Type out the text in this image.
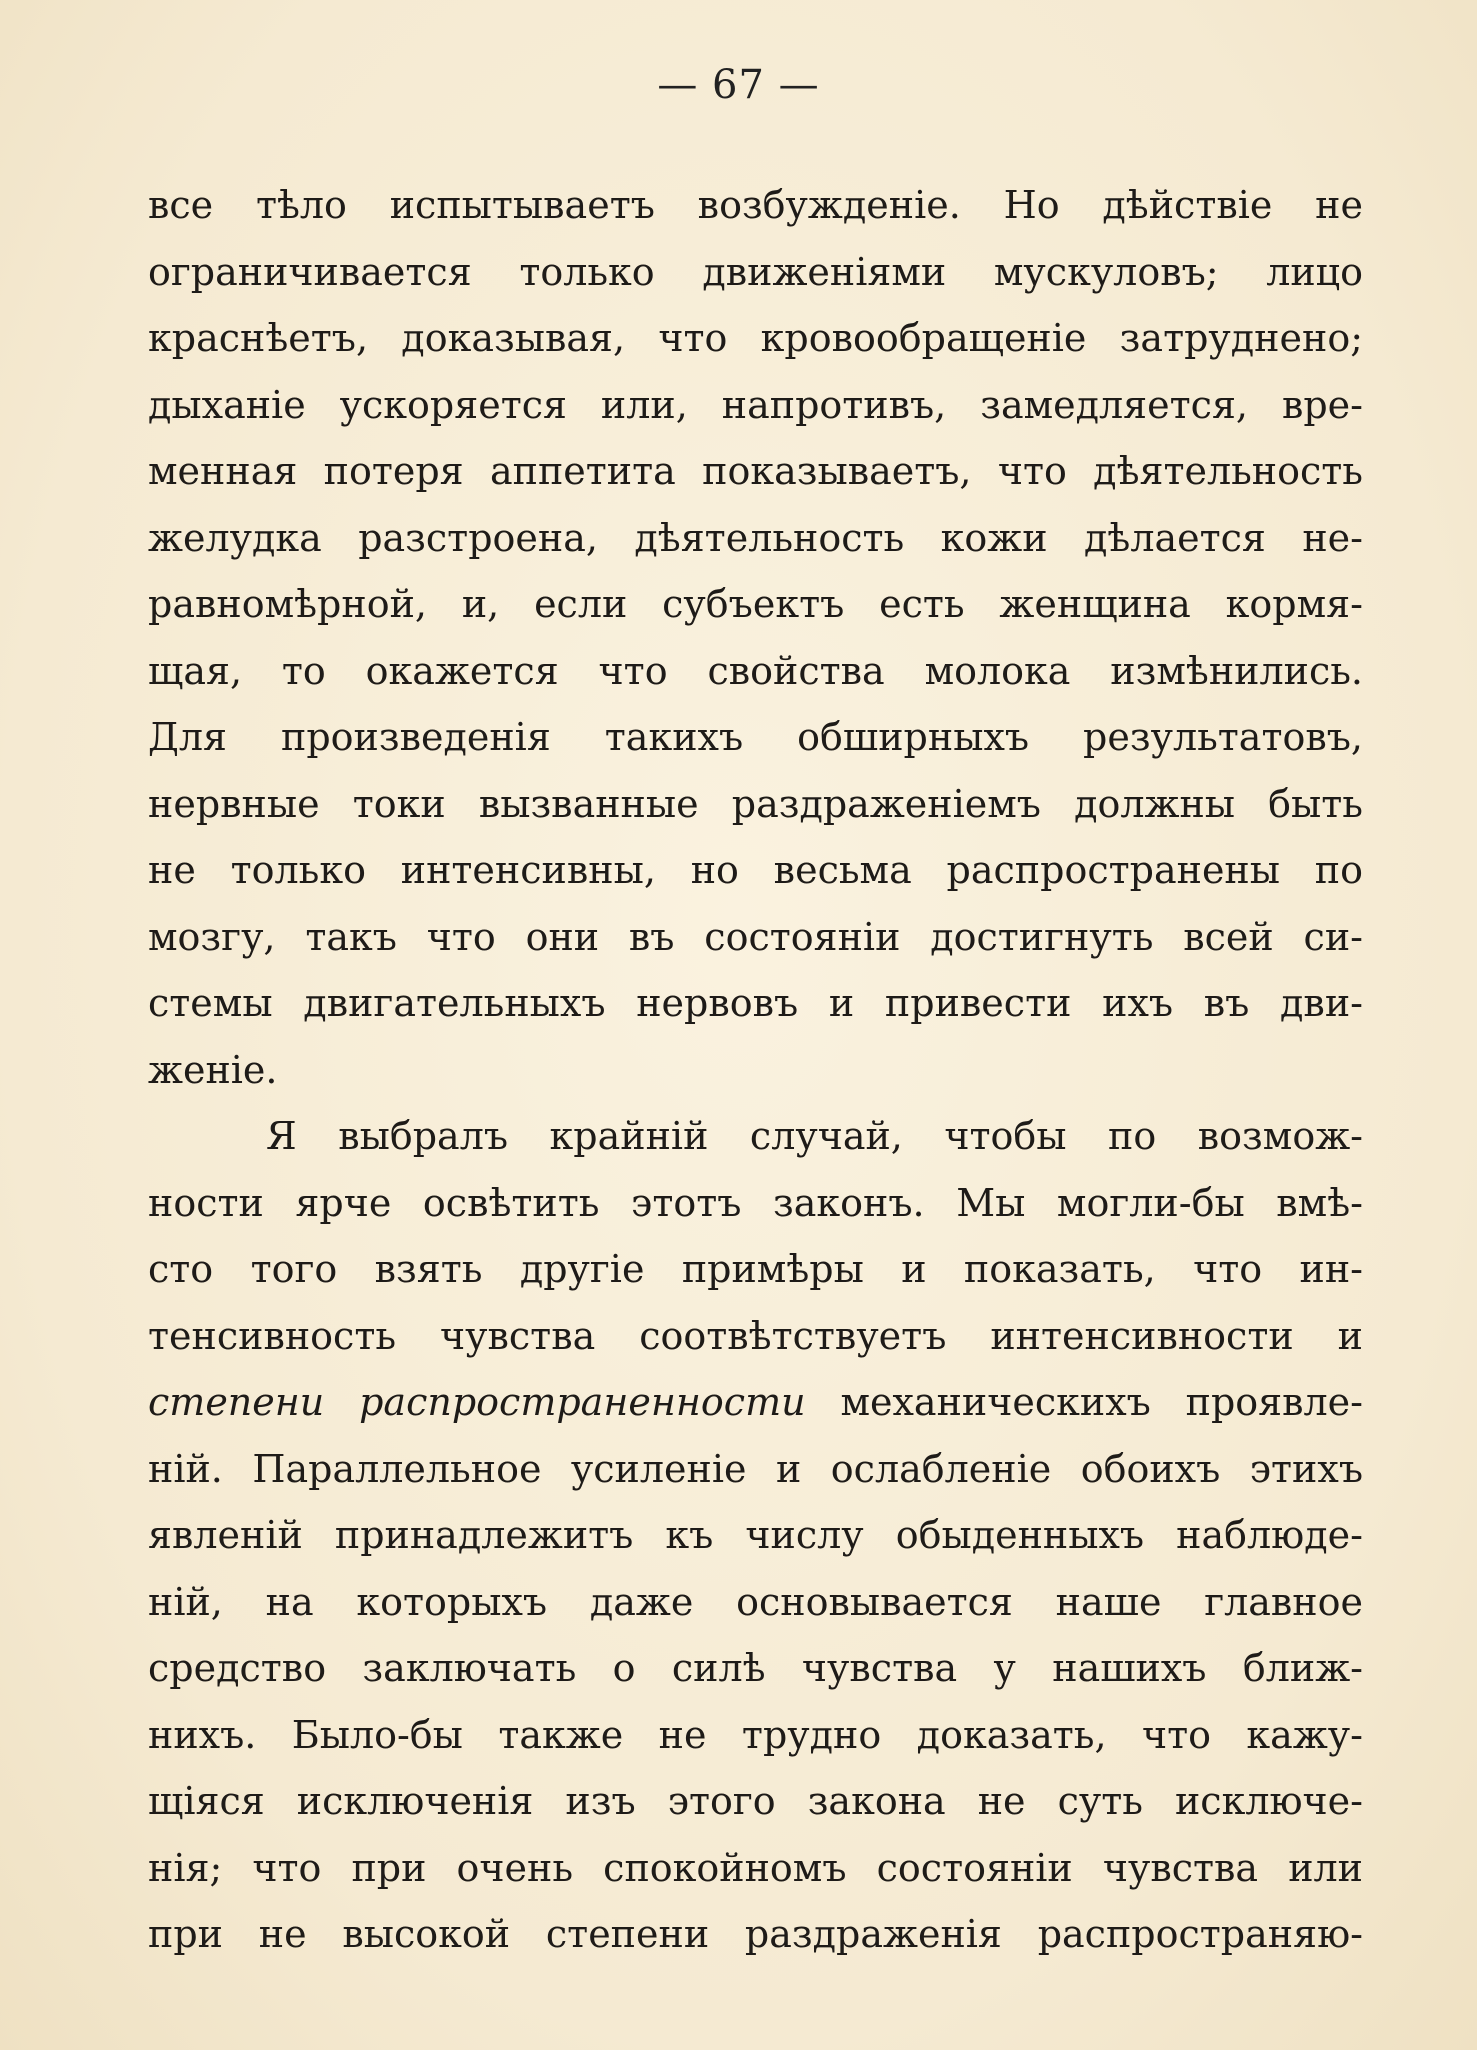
— 67 —
все тѣло испытываетъ возбужденіе. Но дѣйствіе не
ограничивается только движеніями мускуловъ; лицо
краснѣетъ, доказывая, что кровообращеніе затруднено;
дыханіе ускоряется или, напротивъ, замедляется, вре-
менная потеря аппетита показываетъ, что дѣятельность
желудка разстроена, дѣятельность кожи дѣлается не-
равномѣрной, и, если субъектъ есть женщина кормя-
щая, то окажется что свойства молока измѣнились.
Для произведенія такихъ обширныхъ результатовъ,
нервные токи вызванные раздраженіемъ должны быть
не только интенсивны, но весьма распространены по
мозгу, такъ что они въ состояніи достигнуть всей си-
стемы двигательныхъ нервовъ и привести ихъ въ дви-
женіе.
Я выбралъ крайній случай, чтобы по возмож-
ности ярче освѣтить этотъ законъ. Мы могли-бы вмѣ-
сто того взять другіе примѣры и показать, что ин-
тенсивность чувства соотвѣтствуетъ интенсивности и
степени распространенности механическихъ проявле-
ній. Параллельное усиленіе и ослабленіе обоихъ этихъ
явленій принадлежитъ къ числу обыденныхъ наблюде-
ній, на которыхъ даже основывается наше главное
средство заключать о силѣ чувства у нашихъ ближ-
нихъ. Было-бы также не трудно доказать, что кажу-
щіяся исключенія изъ этого закона не суть исключе-
нія; что при очень спокойномъ состояніи чувства или
при не высокой степени раздраженія распространяю-
